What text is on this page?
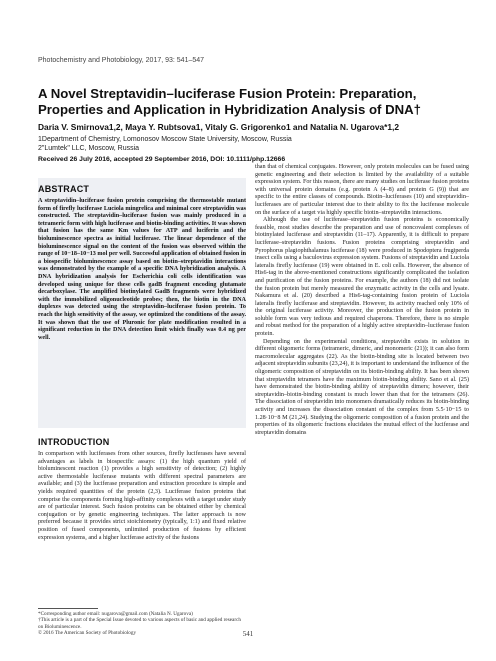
Photochemistry and Photobiology, 2017, 93: 541–547
A Novel Streptavidin–luciferase Fusion Protein: Preparation, Properties and Application in Hybridization Analysis of DNA†
Daria V. Smirnova1,2, Maya Y. Rubtsova1, Vitaly G. Grigorenko1 and Natalia N. Ugarova*1,2
1Department of Chemistry, Lomonosov Moscow State University, Moscow, Russia
2"Lumtek" LLC, Moscow, Russia
Received 26 July 2016, accepted 29 September 2016, DOI: 10.1111/php.12666
ABSTRACT
A streptavidin–luciferase fusion protein comprising the thermostable mutant form of firefly luciferase Luciola mingrelica and minimal core streptavidin was constructed. The streptavidin–luciferase fusion was mainly produced in a tetrameric form with high luciferase and biotin-binding activities. It was shown that fusion has the same Km values for ATP and luciferin and the bioluminescence spectra as initial luciferase. The linear dependence of the bioluminescence signal on the content of the fusion was observed within the range of 10−18–10−13 mol per well. Successful application of obtained fusion in a biospecific bioluminescence assay based on biotin–streptavidin interactions was demonstrated by the example of a specific DNA hybridization analysis. A DNA hybridization analysis for Escherichia coli cells identification was developed using unique for these cells gadB fragment encoding glutamate decarboxylase. The amplified biotinylated GadB fragments were hybridized with the immobilized oligonucleotide probes; then, the biotin in the DNA duplexes was detected using the streptavidin–luciferase fusion protein. To reach the high sensitivity of the assay, we optimized the conditions of the assay. It was shown that the use of Pluronic for plate modification resulted in a significant reduction in the DNA detection limit which finally was 0.4 ng per well.
INTRODUCTION
In comparison with luciferases from other sources, firefly luciferases have several advantages as labels in biospecific assays: (1) the high quantum yield of bioluminescent reaction (1) provides a high sensitivity of detection; (2) highly active thermostable luciferase mutants with different spectral parameters are available; and (3) the luciferase preparation and extraction procedure is simple and yields required quantities of the protein (2,3). Luciferase fusion proteins that comprise the components forming high-affinity complexes with a target under study are of particular interest. Such fusion proteins can be obtained either by chemical conjugation or by genetic engineering techniques. The latter approach is now preferred because it provides strict stoichiometry (typically, 1:1) and fixed relative position of fused components, unlimited production of fusions by efficient expression systems, and a higher luciferase activity of the fusions
*Corresponding author email: nugarova@gmail.com (Natalia N. Ugarova)
†This article is a part of the Special Issue devoted to various aspects of basic and applied research on Bioluminescence.
© 2016 The American Society of Photobiology

than that of chemical conjugates. However, only protein molecules can be fused using genetic engineering and their selection is limited by the availability of a suitable expression system. For this reason, there are many studies on luciferase fusion proteins with universal protein domains (e.g. protein A (4–8) and protein G (9)) that are specific to the entire classes of compounds. Biotin–luciferases (10) and streptavidin–luciferases are of particular interest due to their ability to fix the luciferase molecule on the surface of a target via highly specific biotin–streptavidin interactions.

Although the use of luciferase–streptavidin fusion proteins is economically feasible, most studies describe the preparation and use of noncovalent complexes of biotinylated luciferase and streptavidin (11–17). Apparently, it is difficult to prepare luciferase–streptavidin fusions. Fusion proteins comprising streptavidin and Pyrophorus plagiophthalamus luciferase (18) were produced in Spodoptera frugiperda insect cells using a baculovirus expression system. Fusions of streptavidin and Luciola lateralis firefly luciferase (19) were obtained in E. coli cells. However, the absence of His6-tag in the above-mentioned constructions significantly complicated the isolation and purification of the fusion proteins. For example, the authors (18) did not isolate the fusion protein but merely measured the enzymatic activity in the cells and lysate. Nakamura et al. (20) described a His6-tag-containing fusion protein of Luciola lateralis firefly luciferase and streptavidin. However, its activity reached only 10% of the original luciferase activity. Moreover, the production of the fusion protein in soluble form was very tedious and required chaperons. Therefore, there is no simple and robust method for the preparation of a highly active streptavidin–luciferase fusion protein.

Depending on the experimental conditions, streptavidin exists in solution in different oligomeric forms (tetrameric, dimeric, and monomeric (21)); it can also form macromolecular aggregates (22). As the biotin-binding site is located between two adjacent streptavidin subunits (23,24), it is important to understand the influence of the oligomeric composition of streptavidin on its biotin-binding ability. It has been shown that streptavidin tetramers have the maximum biotin-binding ability. Sano et al. (25) have demonstrated the biotin-binding ability of streptavidin dimers; however, their streptavidin–biotin-binding constant is much lower than that for the tetramers (26). The dissociation of streptavidin into monomers dramatically reduces its biotin-binding activity and increases the dissociation constant of the complex from 5.5·10−15 to 1.28·10−8 M (21,24). Studying the oligomeric composition of a fusion protein and the properties of its oligomeric fractions elucidates the mutual effect of the luciferase and streptavidin domains

541
